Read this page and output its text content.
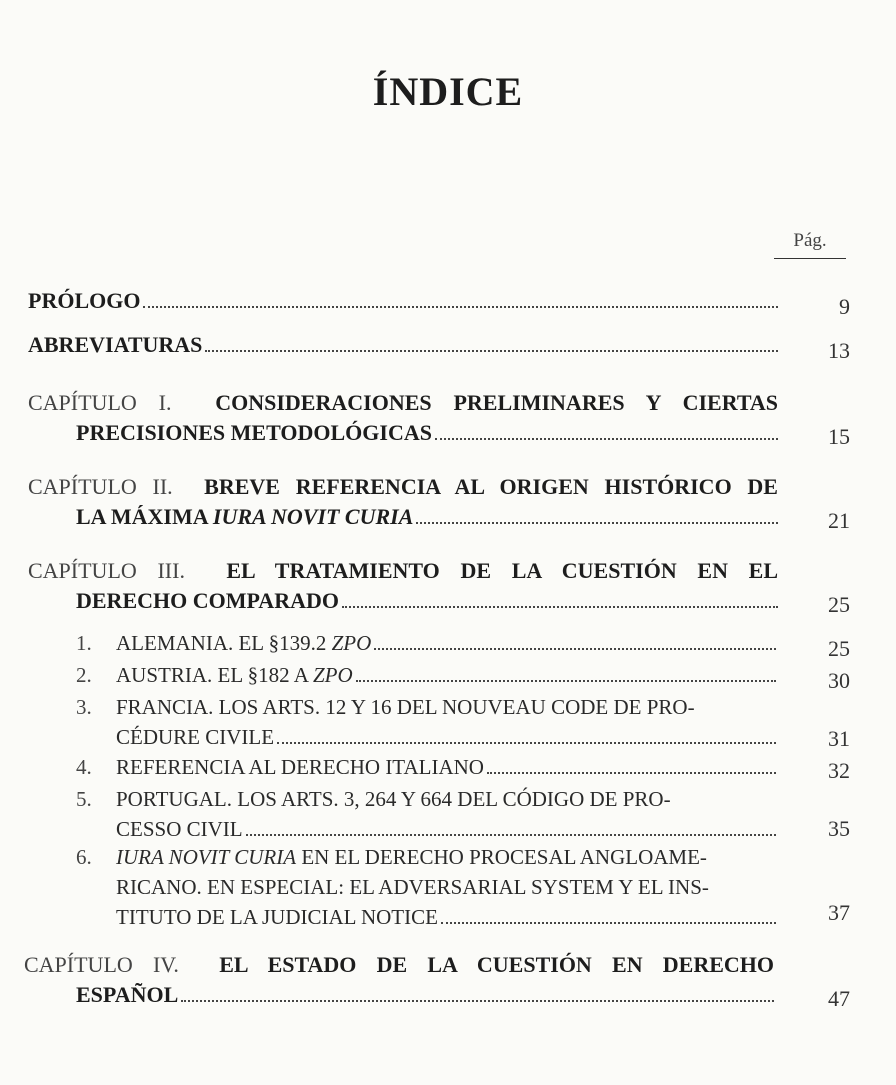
ÍNDICE
Pág.
PRÓLOGO	9
ABREVIATURAS	13
CAPÍTULO I. CONSIDERACIONES PRELIMINARES Y CIERTAS
PRECISIONES METODOLÓGICAS	15
CAPÍTULO II. BREVE REFERENCIA AL ORIGEN HISTÓRICO DE
LA MÁXIMA IURA NOVIT CURIA	21
CAPÍTULO III. EL TRATAMIENTO DE LA CUESTIÓN EN EL
DERECHO COMPARADO	25
1. ALEMANIA. EL §139.2 ZPO	25
2. AUSTRIA. EL §182 A ZPO	30
3. FRANCIA. LOS ARTS. 12 Y 16 DEL NOUVEAU CODE DE PRO-
CÉDURE CIVILE	31
4. REFERENCIA AL DERECHO ITALIANO	32
5. PORTUGAL. LOS ARTS. 3, 264 Y 664 DEL CÓDIGO DE PRO-
CESSO CIVIL	35
6. IURA NOVIT CURIA EN EL DERECHO PROCESAL ANGLOAME- RICANO. EN ESPECIAL: EL ADVERSARIAL SYSTEM Y EL INS-
TITUTO DE LA JUDICIAL NOTICE	37
CAPÍTULO IV. EL ESTADO DE LA CUESTIÓN EN DERECHO
ESPAÑOL	47
